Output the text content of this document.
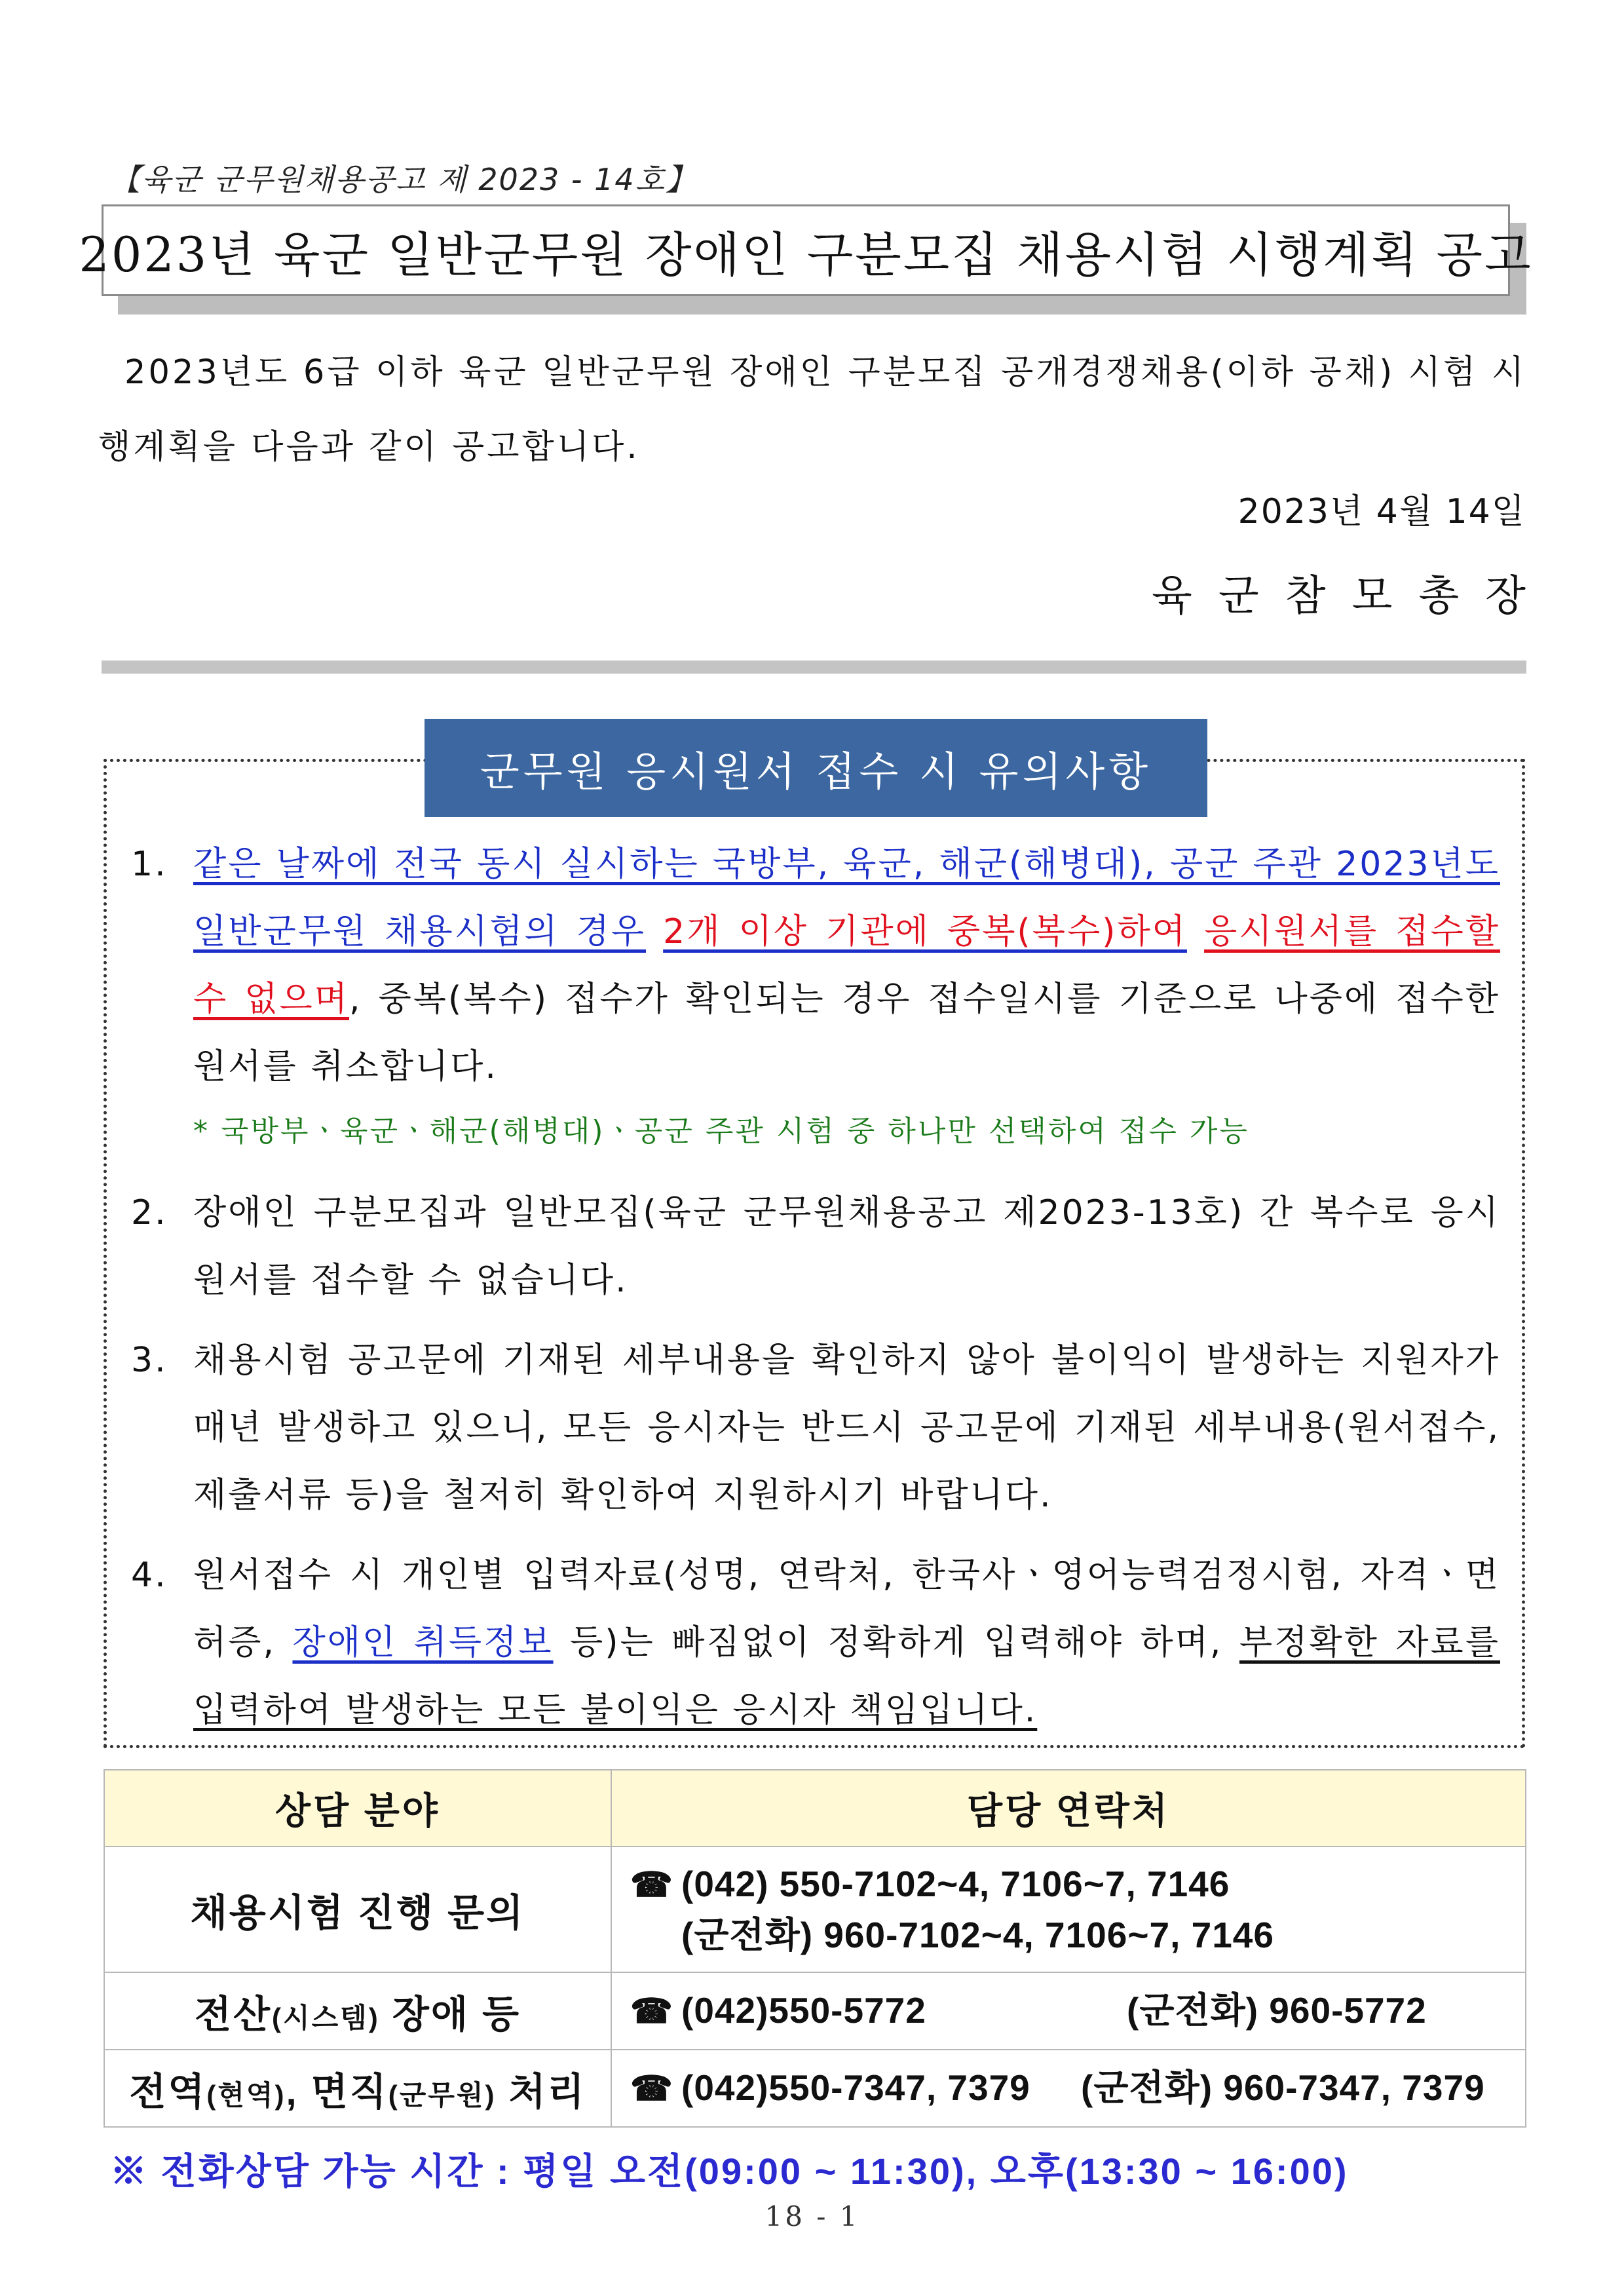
【육군 군무원채용공고 제 2023 - 14호】
2023년 육군 일반군무원 장애인 구분모집 채용시험 시행계획 공고
2023년도 6급 이하 육군 일반군무원 장애인 구분모집 공개경쟁채용(이하 공채) 시험 시행계획을 다음과 같이 공고합니다.
2023년 4월 14일
육군참모총장
군무원 응시원서 접수 시 유의사항
1. 같은 날짜에 전국 동시 실시하는 국방부, 육군, 해군(해병대), 공군 주관 2023년도 일반군무원 채용시험의 경우 2개 이상 기관에 중복(복수)하여 응시원서를 접수할 수 없으며, 중복(복수) 접수가 확인되는 경우 접수일시를 기준으로 나중에 접수한 원서를 취소합니다.
* 국방부ㆍ육군ㆍ해군(해병대)ㆍ공군 주관 시험 중 하나만 선택하여 접수 가능
2. 장애인 구분모집과 일반모집(육군 군무원채용공고 제2023-13호) 간 복수로 응시원서를 접수할 수 없습니다.
3. 채용시험 공고문에 기재된 세부내용을 확인하지 않아 불이익이 발생하는 지원자가 매년 발생하고 있으니, 모든 응시자는 반드시 공고문에 기재된 세부내용(원서접수, 제출서류 등)을 철저히 확인하여 지원하시기 바랍니다.
4. 원서접수 시 개인별 입력자료(성명, 연락처, 한국사ㆍ영어능력검정시험, 자격ㆍ면허증, 장애인 취득정보 등)는 빠짐없이 정확하게 입력해야 하며, 부정확한 자료를 입력하여 발생하는 모든 불이익은 응시자 책임입니다.
상담 분야	담당 연락처
채용시험 진행 문의	☎ (042) 550-7102~4, 7106~7, 7146
(군전화) 960-7102~4, 7106~7, 7146
전산(시스템) 장애 등	☎ (042)550-5772 (군전화) 960-5772
전역(현역), 면직(군무원) 처리	☎ (042)550-7347, 7379 (군전화) 960-7347, 7379
※ 전화상담 가능 시간 : 평일 오전(09:00 ~ 11:30), 오후(13:30 ~ 16:00)
18 - 1
